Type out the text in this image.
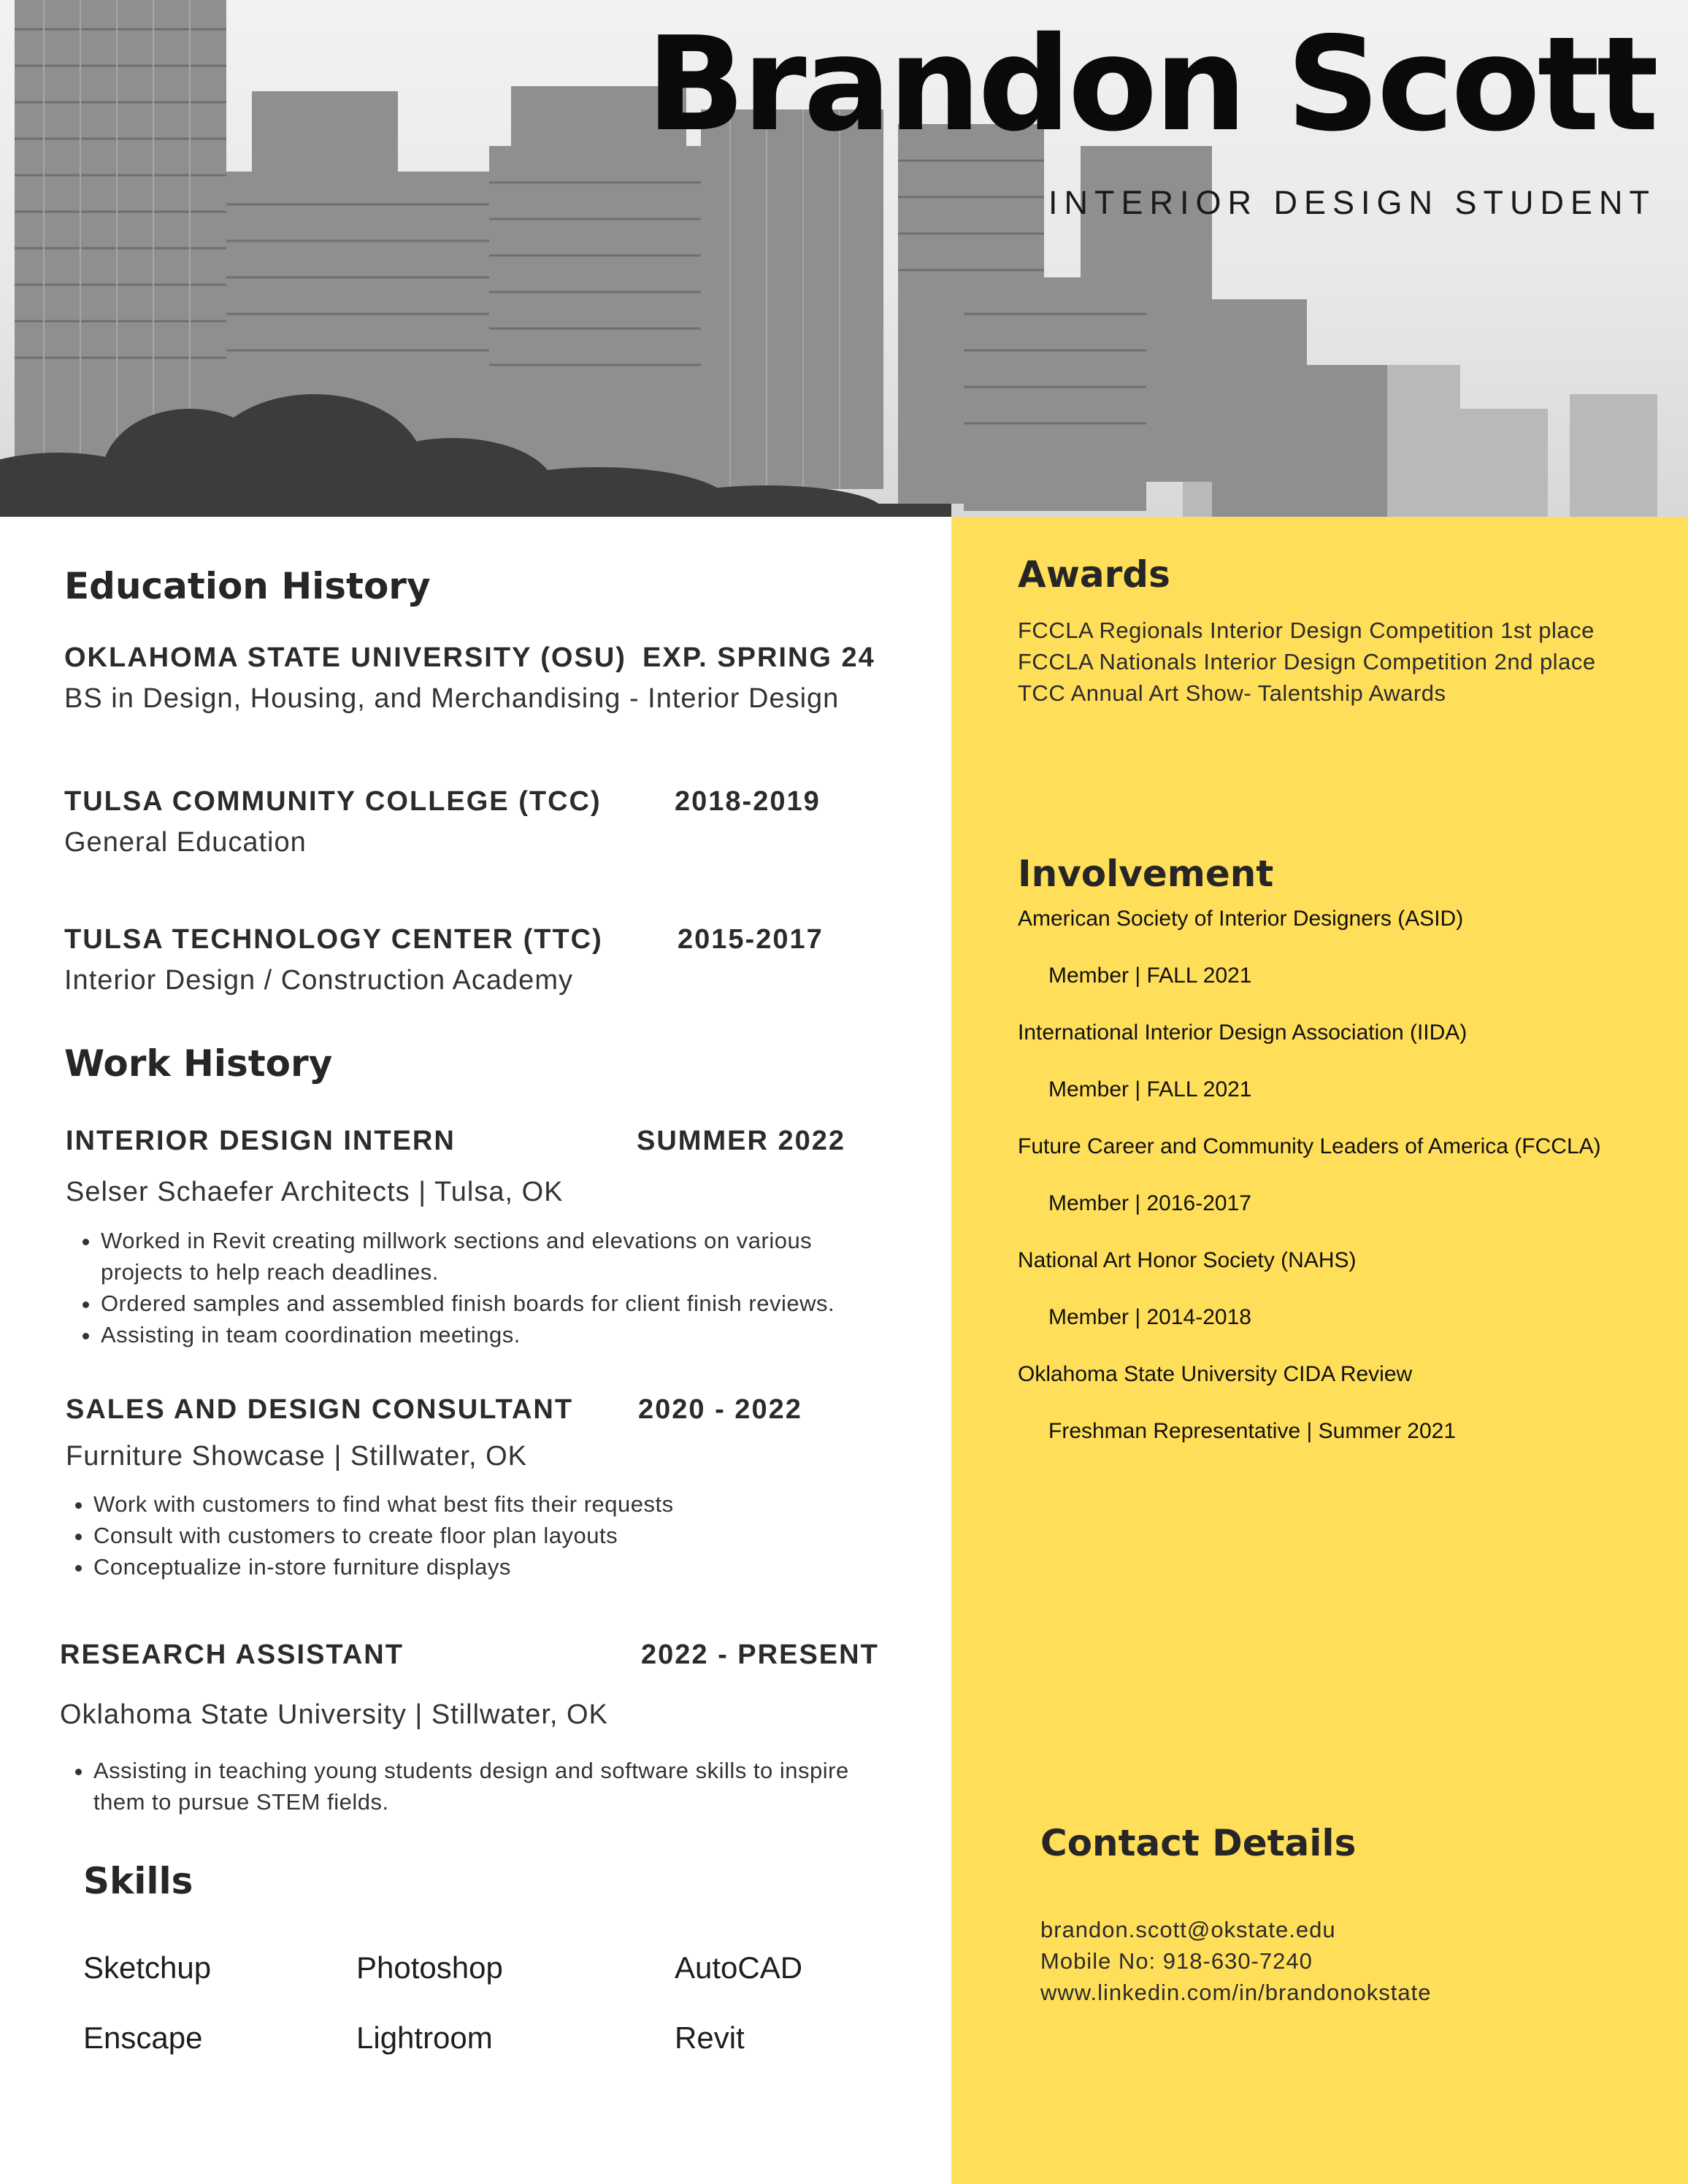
Brandon Scott
INTERIOR DESIGN STUDENT
Education History
OKLAHOMA STATE UNIVERSITY (OSU) EXP. SPRING 24
BS in Design, Housing, and Merchandising - Interior Design
TULSA COMMUNITY COLLEGE (TCC)	2018-2019
General Education
TULSA TECHNOLOGY CENTER (TTC)	2015-2017
Interior Design / Construction Academy
Work History
INTERIOR DESIGN INTERN	SUMMER 2022
Selser Schaefer Architects | Tulsa, OK
• Worked in Revit creating millwork sections and elevations on various projects to help reach deadlines.
• Ordered samples and assembled finish boards for client finish reviews.
• Assisting in team coordination meetings.
SALES AND DESIGN CONSULTANT 2020 - 2022
Furniture Showcase | Stillwater, OK
• Work with customers to find what best fits their requests
• Consult with customers to create floor plan layouts
• Conceptualize in-store furniture displays
RESEARCH ASSISTANT	2022 - PRESENT
Oklahoma State University | Stillwater, OK
• Assisting in teaching young students design and software skills to inspire them to pursue STEM fields.
Skills
Sketchup	Photoshop	AutoCAD
Enscape	Lightroom	Revit
Awards
FCCLA Regionals Interior Design Competition 1st place
FCCLA Nationals Interior Design Competition 2nd place
TCC Annual Art Show- Talentship Awards
Involvement
American Society of Interior Designers (ASID)
Member | FALL 2021
International Interior Design Association (IIDA)
Member | FALL 2021
Future Career and Community Leaders of America (FCCLA)
Member | 2016-2017
National Art Honor Society (NAHS)
Member | 2014-2018
Oklahoma State University CIDA Review
Freshman Representative | Summer 2021
Contact Details
brandon.scott@okstate.edu
Mobile No: 918-630-7240
www.linkedin.com/in/brandonokstate
